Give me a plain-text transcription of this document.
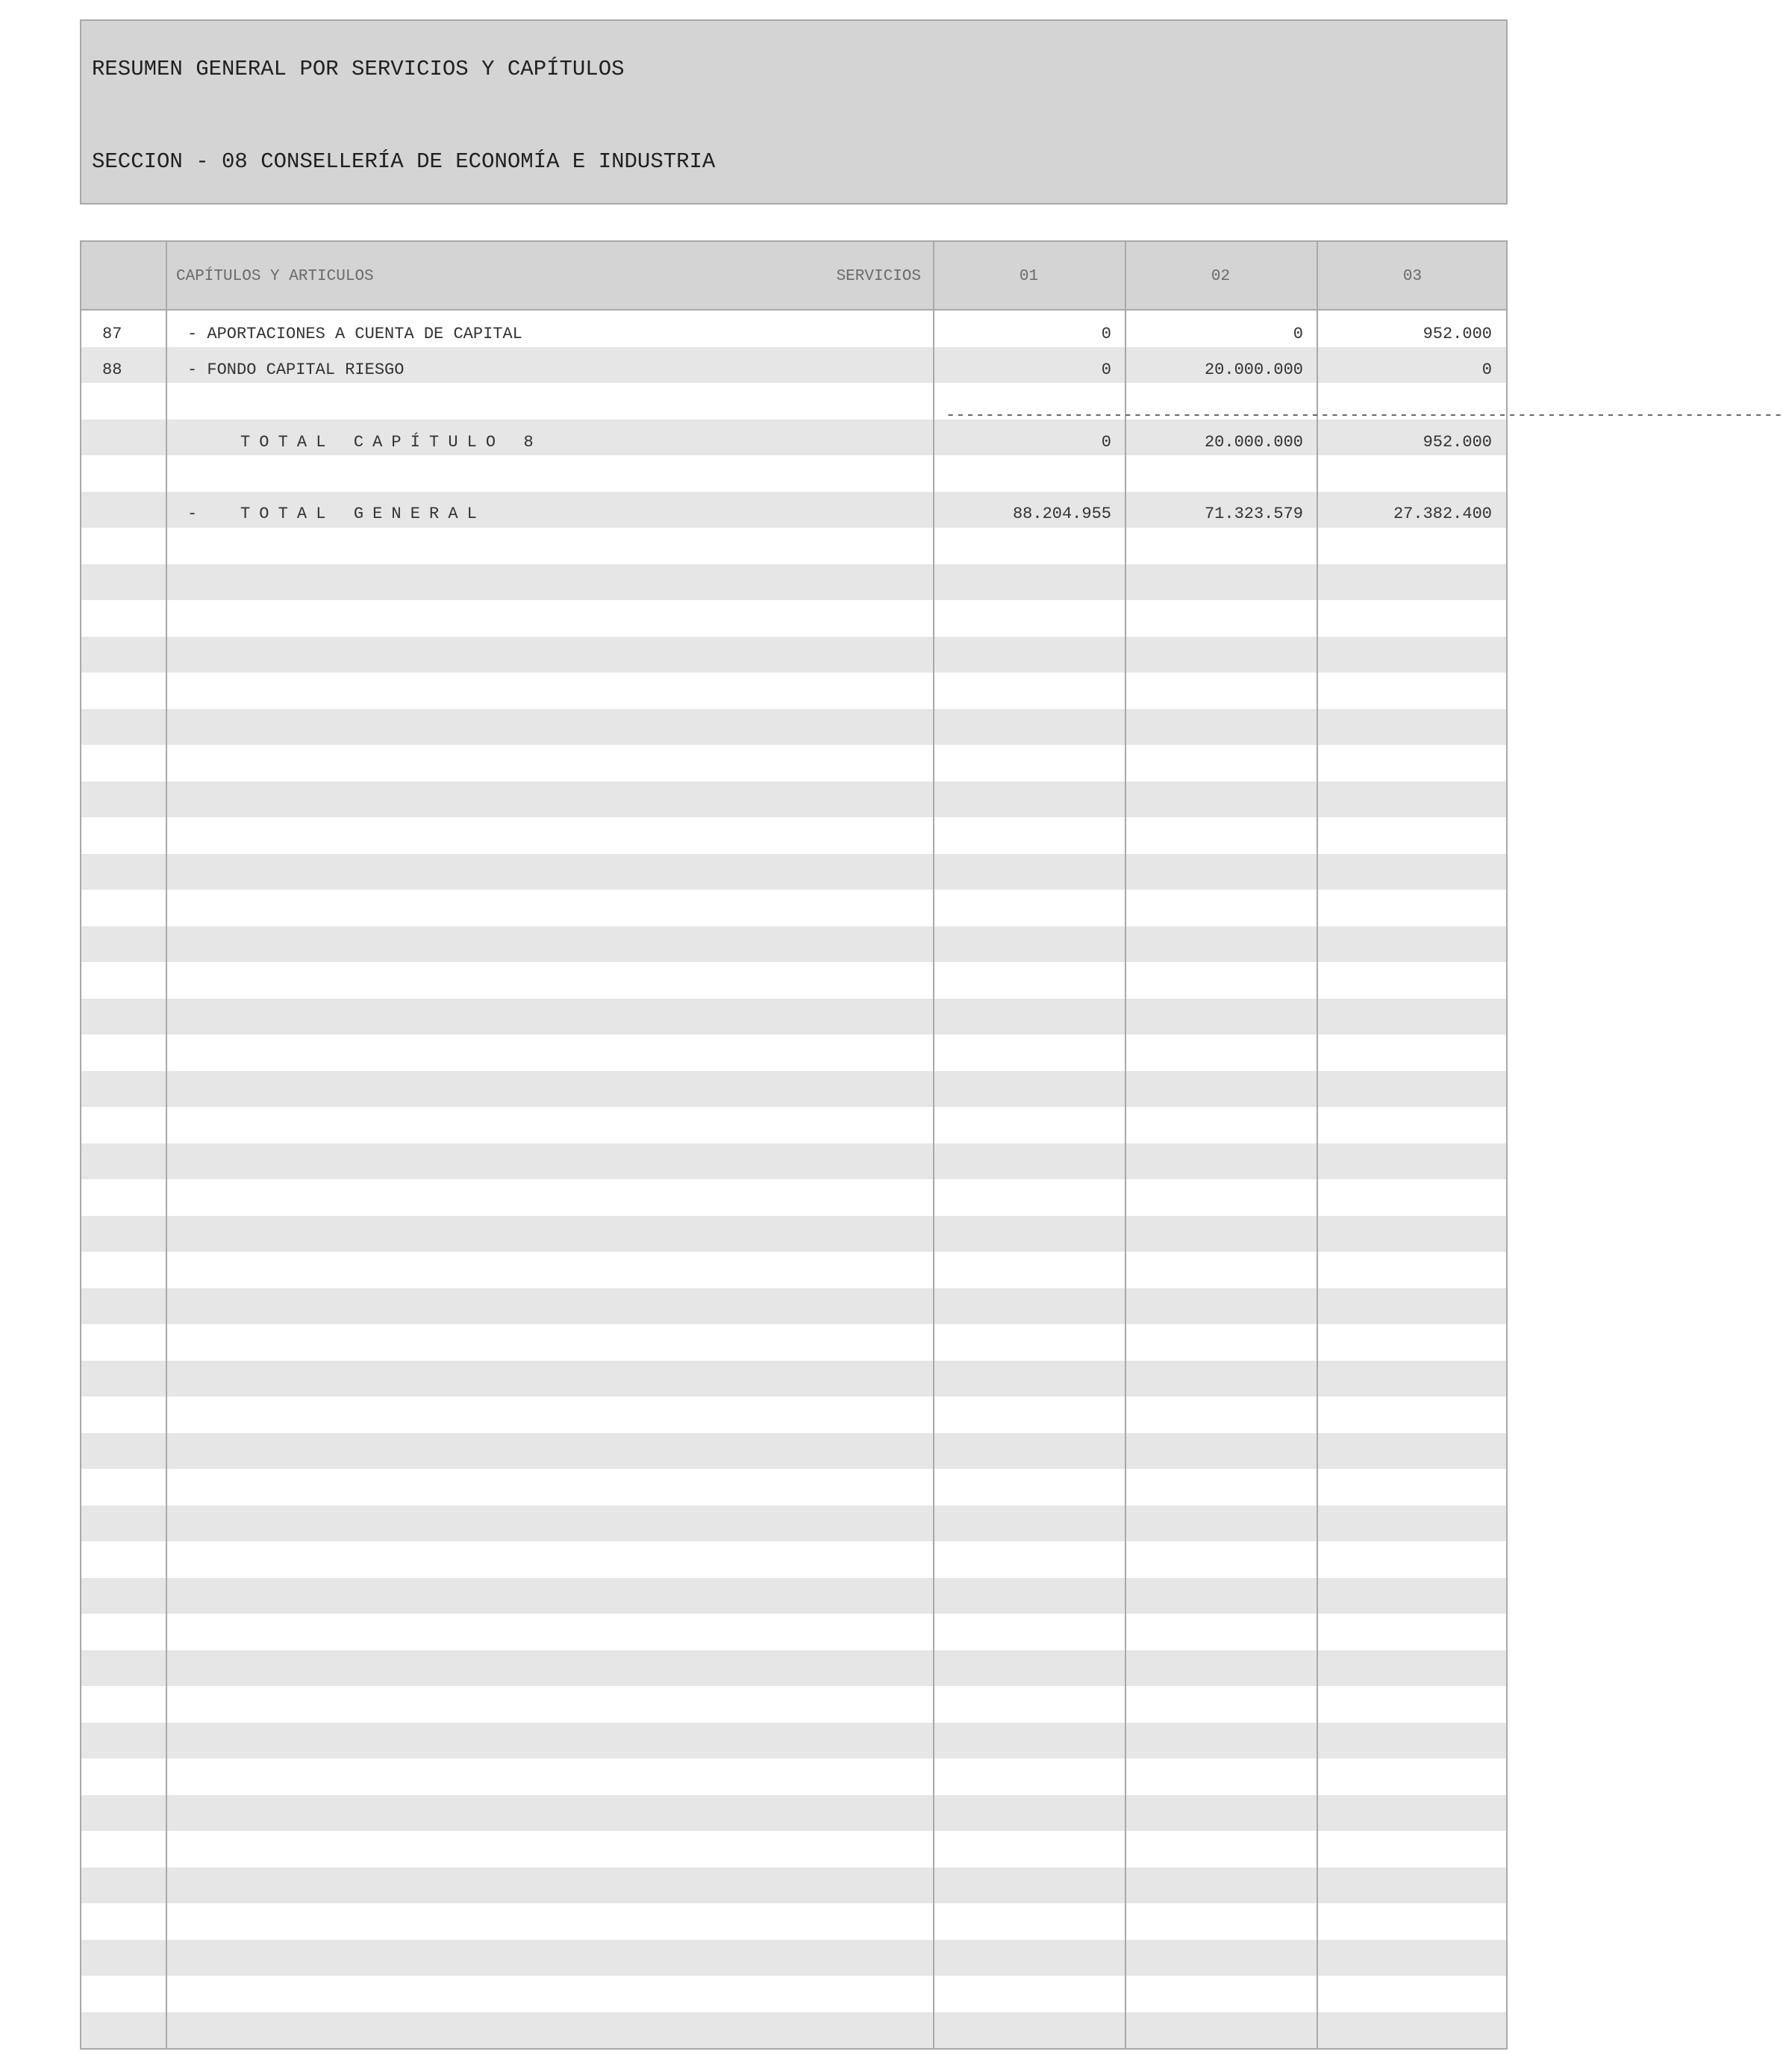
RESUMEN GENERAL POR SERVICIOS Y CAPÍTULOS
SECCION - 08 CONSELLERÍA DE ECONOMÍA E INDUSTRIA
CAPÍTULOS Y ARTICULOS	SERVICIOS	01	02	03
87	- APORTACIONES A CUENTA DE CAPITAL	0	0	952.000
88	- FONDO CAPITAL RIESGO	0	20.000.000	0
-------------------------------------------------------------------------------------
TOTAL CAPÍTULO 8	0	20.000.000	952.000
-	TOTAL GENERAL	88.204.955	71.323.579	27.382.400
